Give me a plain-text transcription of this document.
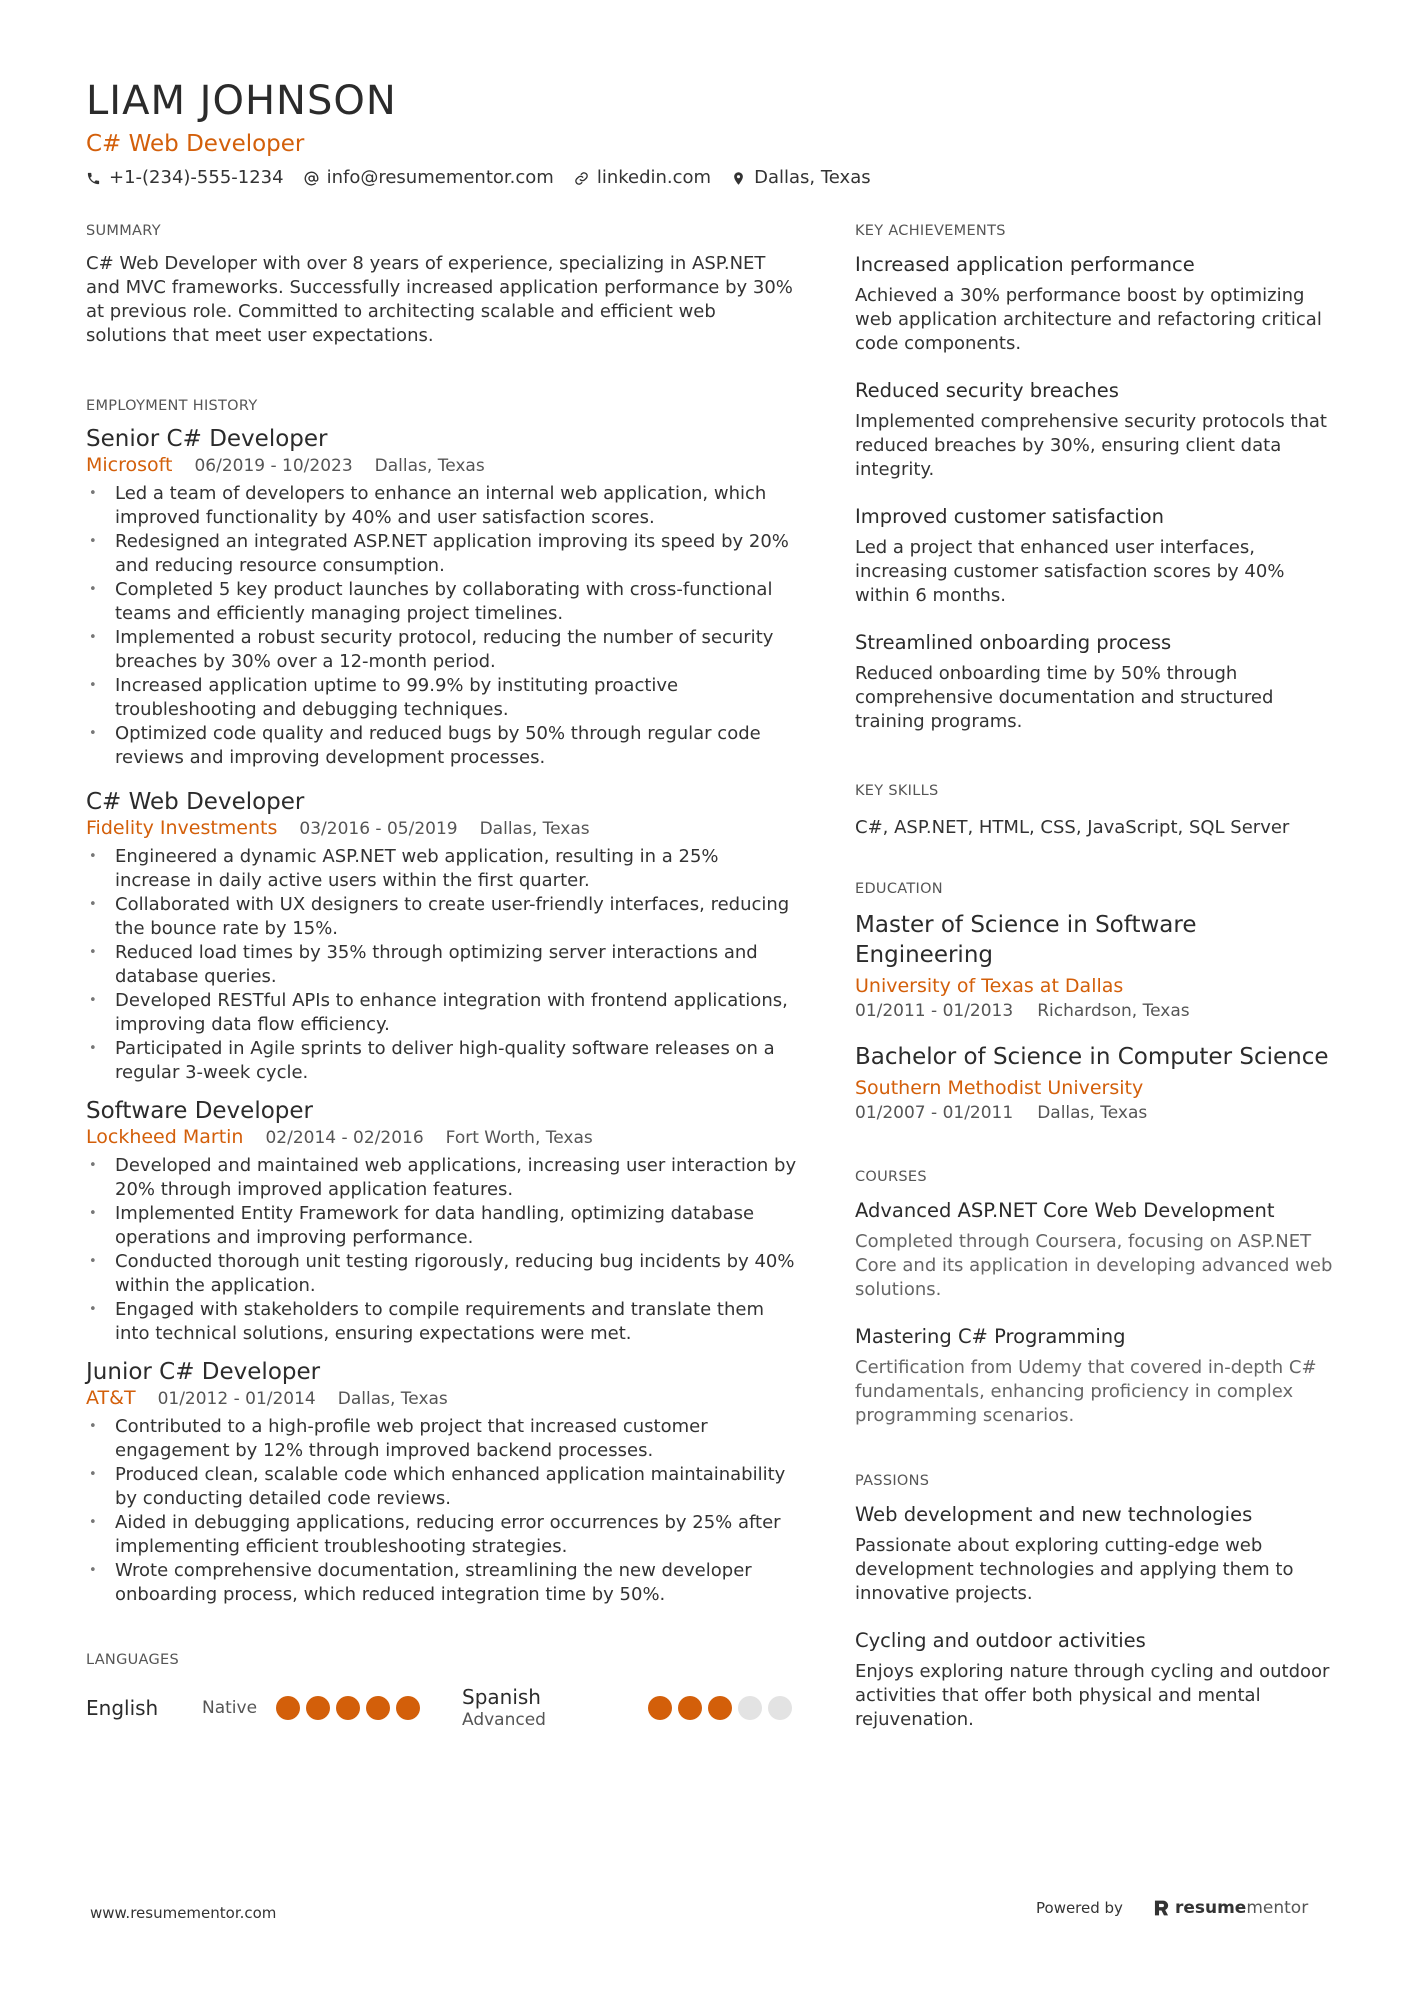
LIAM JOHNSON
C# Web Developer
+1-(234)-555-1234 info@resumementor.com linkedin.com Dallas, Texas
SUMMARY
C# Web Developer with over 8 years of experience, specializing in ASP.NET and MVC frameworks. Successfully increased application performance by 30% at previous role. Committed to architecting scalable and efficient web solutions that meet user expectations.
EMPLOYMENT HISTORY
Senior C# Developer
Microsoft 06/2019 - 10/2023 Dallas, Texas
• Led a team of developers to enhance an internal web application, which improved functionality by 40% and user satisfaction scores.
• Redesigned an integrated ASP.NET application improving its speed by 20% and reducing resource consumption.
• Completed 5 key product launches by collaborating with cross-functional teams and efficiently managing project timelines.
• Implemented a robust security protocol, reducing the number of security breaches by 30% over a 12-month period.
• Increased application uptime to 99.9% by instituting proactive troubleshooting and debugging techniques.
• Optimized code quality and reduced bugs by 50% through regular code reviews and improving development processes.
C# Web Developer
Fidelity Investments 03/2016 - 05/2019 Dallas, Texas
• Engineered a dynamic ASP.NET web application, resulting in a 25% increase in daily active users within the first quarter.
• Collaborated with UX designers to create user-friendly interfaces, reducing the bounce rate by 15%.
• Reduced load times by 35% through optimizing server interactions and database queries.
• Developed RESTful APIs to enhance integration with frontend applications, improving data flow efficiency.
• Participated in Agile sprints to deliver high-quality software releases on a regular 3-week cycle.
Software Developer
Lockheed Martin 02/2014 - 02/2016 Fort Worth, Texas
• Developed and maintained web applications, increasing user interaction by 20% through improved application features.
• Implemented Entity Framework for data handling, optimizing database operations and improving performance.
• Conducted thorough unit testing rigorously, reducing bug incidents by 40% within the application.
• Engaged with stakeholders to compile requirements and translate them into technical solutions, ensuring expectations were met.
Junior C# Developer
AT&T 01/2012 - 01/2014 Dallas, Texas
• Contributed to a high-profile web project that increased customer engagement by 12% through improved backend processes.
• Produced clean, scalable code which enhanced application maintainability by conducting detailed code reviews.
• Aided in debugging applications, reducing error occurrences by 25% after implementing efficient troubleshooting strategies.
• Wrote comprehensive documentation, streamlining the new developer onboarding process, which reduced integration time by 50%.
LANGUAGES
English	Native	Spanish
Advanced
KEY ACHIEVEMENTS
Increased application performance
Achieved a 30% performance boost by optimizing web application architecture and refactoring critical code components.
Reduced security breaches
Implemented comprehensive security protocols that reduced breaches by 30%, ensuring client data integrity.
Improved customer satisfaction
Led a project that enhanced user interfaces, increasing customer satisfaction scores by 40% within 6 months.
Streamlined onboarding process
Reduced onboarding time by 50% through comprehensive documentation and structured training programs.
KEY SKILLS
C#, ASP.NET, HTML, CSS, JavaScript, SQL Server
EDUCATION
Master of Science in Software Engineering
University of Texas at Dallas
01/2011 - 01/2013 Richardson, Texas
Bachelor of Science in Computer Science
Southern Methodist University
01/2007 - 01/2011 Dallas, Texas
COURSES
Advanced ASP.NET Core Web Development
Completed through Coursera, focusing on ASP.NET Core and its application in developing advanced web solutions.
Mastering C# Programming
Certification from Udemy that covered in-depth C# fundamentals, enhancing proficiency in complex programming scenarios.
PASSIONS
Web development and new technologies
Passionate about exploring cutting-edge web development technologies and applying them to innovative projects.
Cycling and outdoor activities
Enjoys exploring nature through cycling and outdoor activities that offer both physical and mental rejuvenation.
www.resumementor.com	Powered by	resume mentor
